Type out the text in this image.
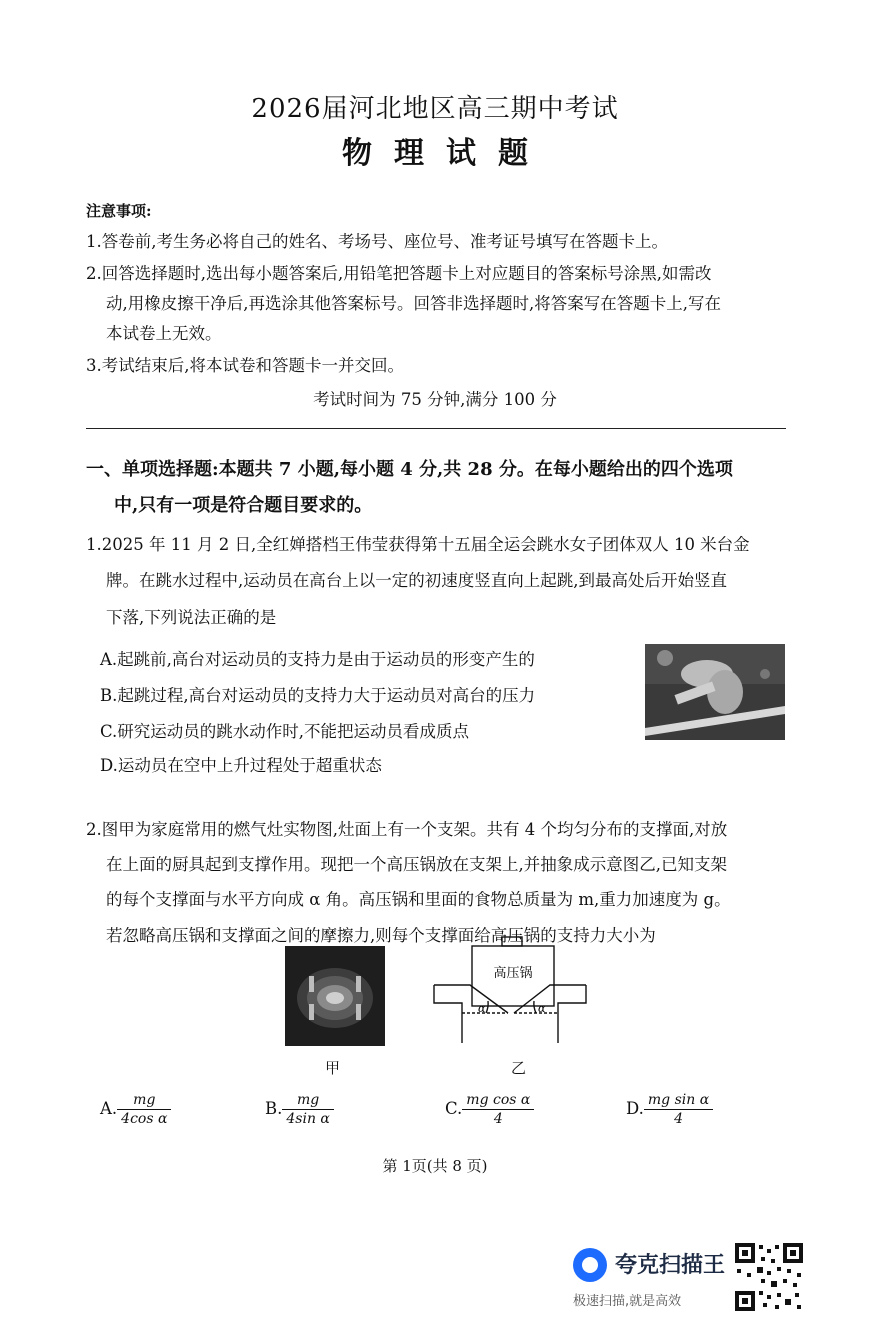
2026届河北地区高三期中考试
物理试题
注意事项:
1.答卷前,考生务必将自己的姓名、考场号、座位号、准考证号填写在答题卡上。
2.回答选择题时,选出每小题答案后,用铅笔把答题卡上对应题目的答案标号涂黑,如需改
动,用橡皮擦干净后,再选涂其他答案标号。回答非选择题时,将答案写在答题卡上,写在
本试卷上无效。
3.考试结束后,将本试卷和答题卡一并交回。
考试时间为 75 分钟,满分 100 分
一、单项选择题:本题共 7 小题,每小题 4 分,共 28 分。在每小题给出的四个选项
中,只有一项是符合题目要求的。
1.2025 年 11 月 2 日,全红婵搭档王伟莹获得第十五届全运会跳水女子团体双人 10 米台金
牌。在跳水过程中,运动员在高台上以一定的初速度竖直向上起跳,到最高处后开始竖直
下落,下列说法正确的是
A.起跳前,高台对运动员的支持力是由于运动员的形变产生的
B.起跳过程,高台对运动员的支持力大于运动员对高台的压力
C.研究运动员的跳水动作时,不能把运动员看成质点
D.运动员在空中上升过程处于超重状态
2.图甲为家庭常用的燃气灶实物图,灶面上有一个支架。共有 4 个均匀分布的支撑面,对放
在上面的厨具起到支撑作用。现把一个高压锅放在支架上,并抽象成示意图乙,已知支架
的每个支撑面与水平方向成 α 角。高压锅和里面的食物总质量为 m,重力加速度为 g。
若忽略高压锅和支撑面之间的摩擦力,则每个支撑面给高压锅的支持力大小为
甲
高压锅
α	α
乙
A. $\frac{mg}{\text{4cos α}}$	B. $\frac{mg}{\text{4sin α}}$	C. $\frac{\text{mg cos α}}{4}$	D. $\frac{\text{mg sin α}}{4}$
第 1页(共 8 页)
夸克扫描王
极速扫描,就是高效
